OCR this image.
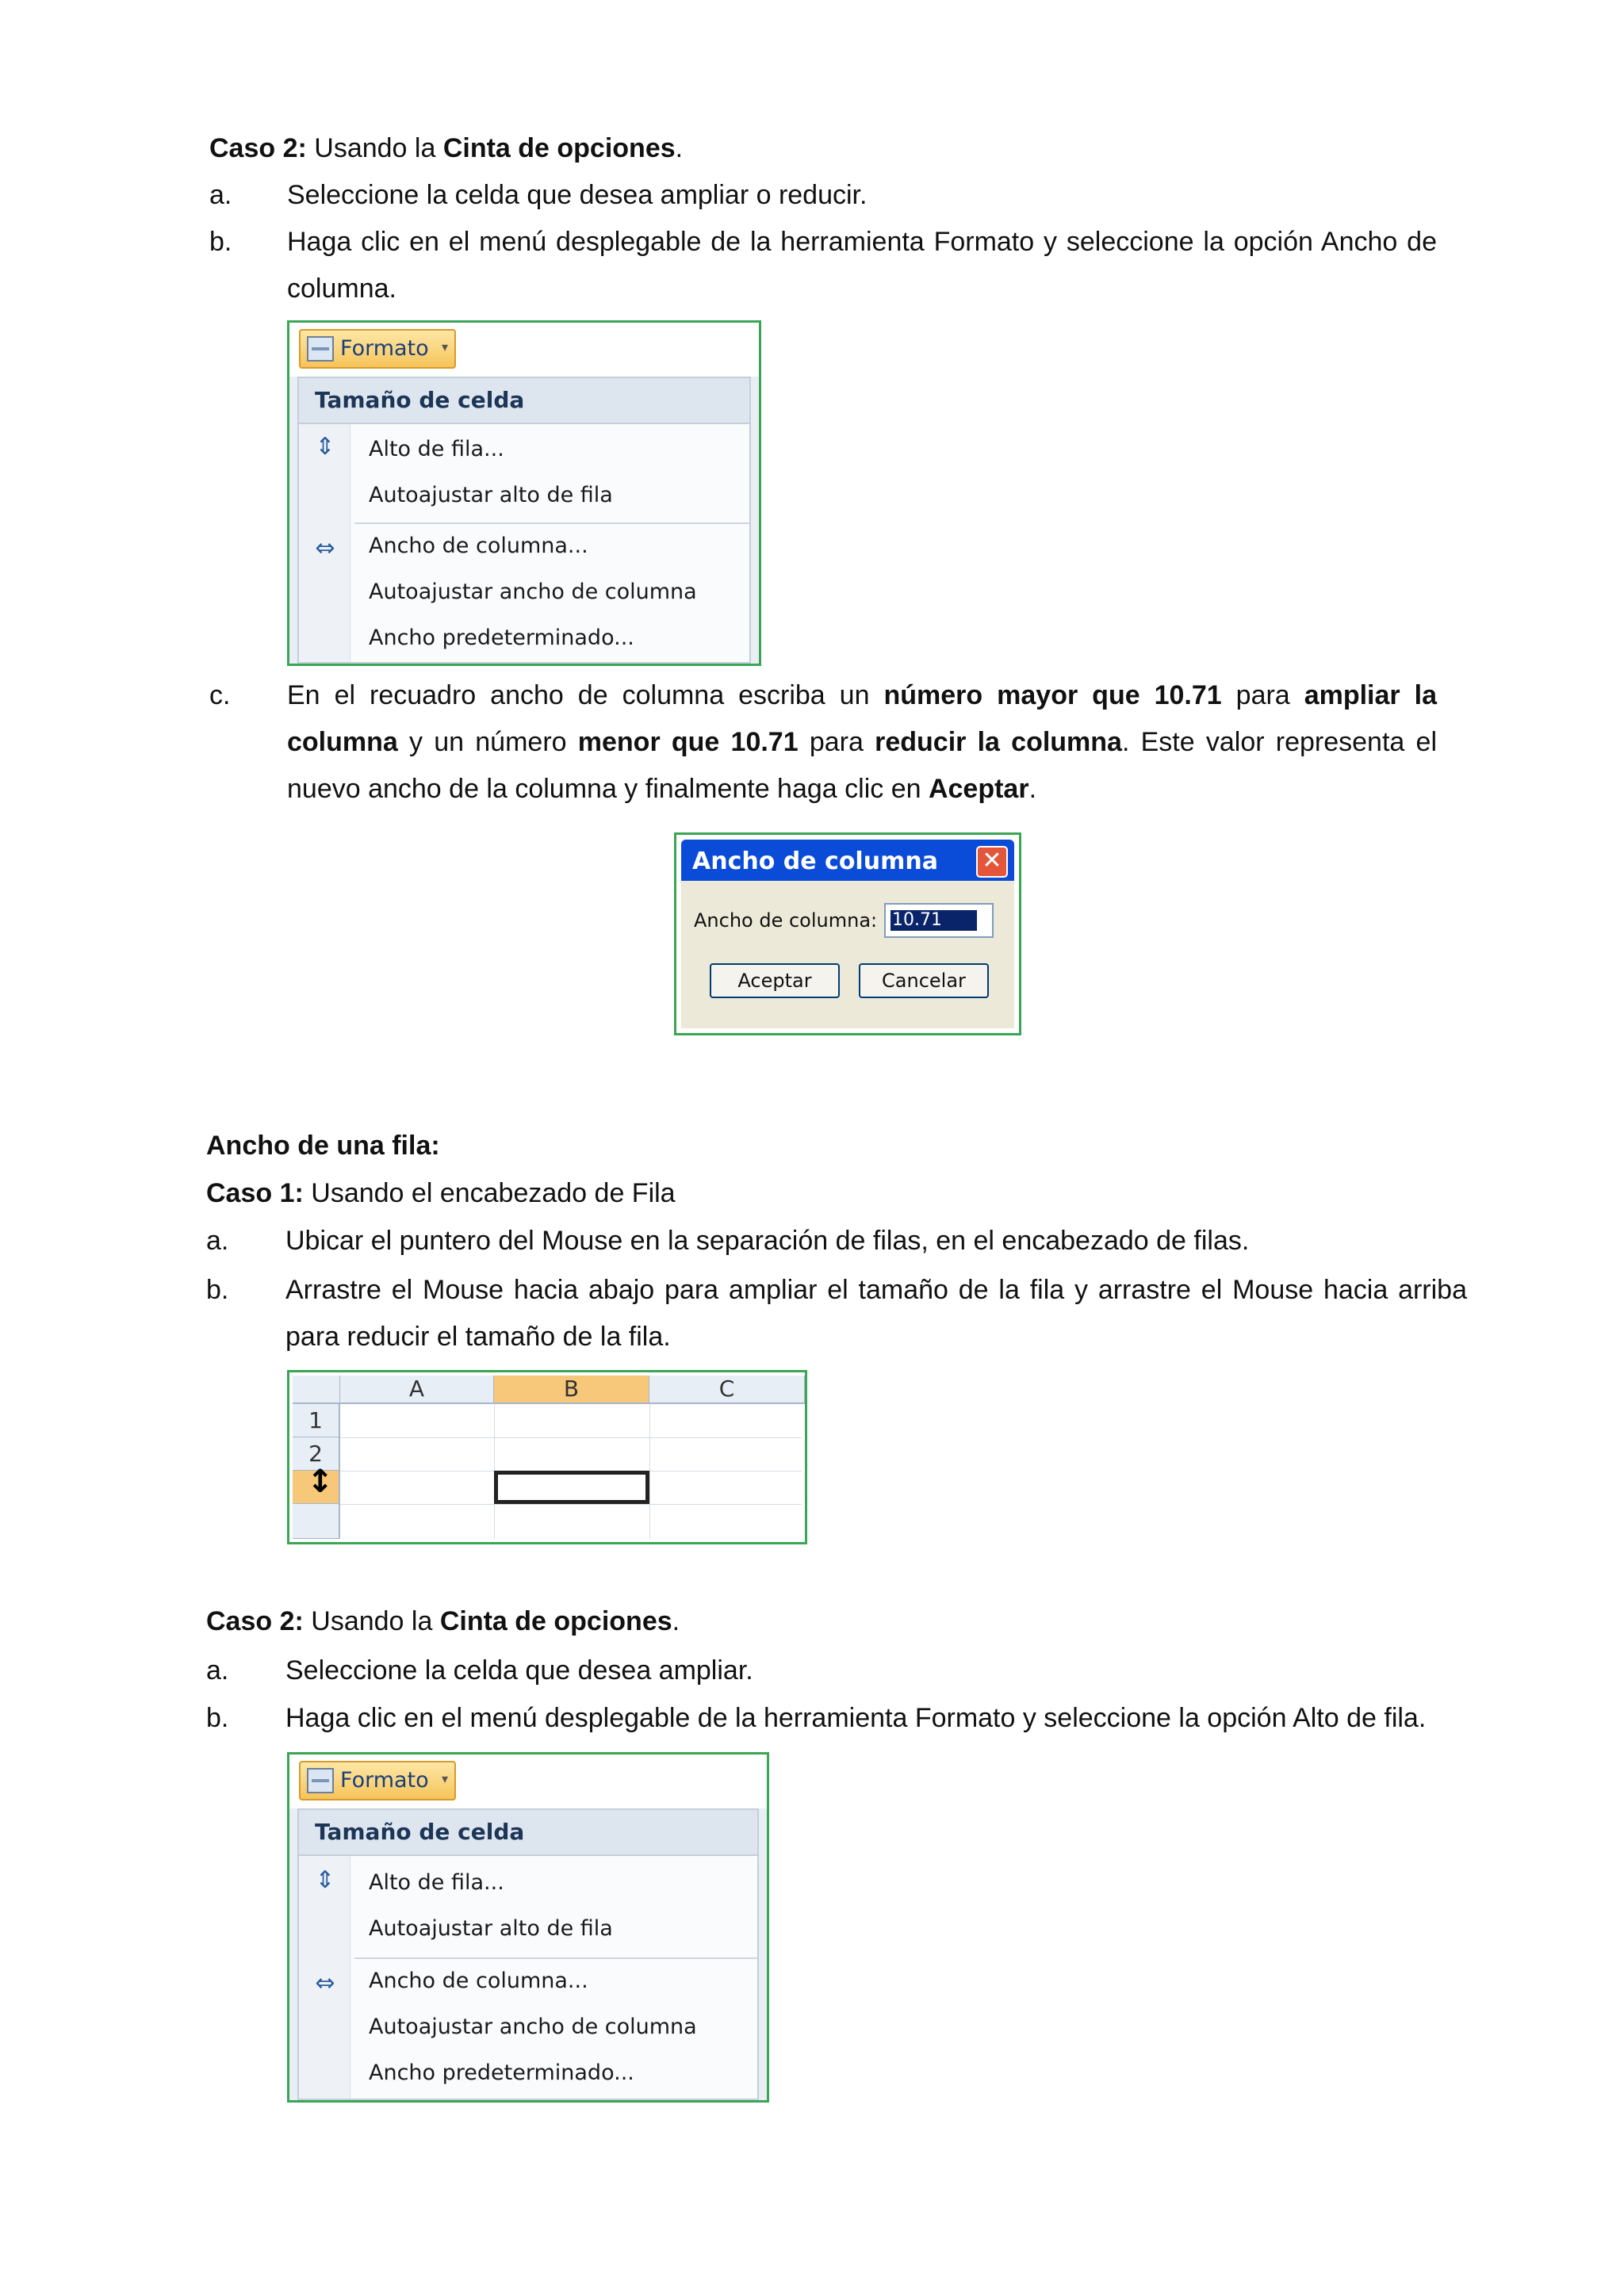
Caso 2: Usando la Cinta de opciones.

a. Seleccione la celda que desea ampliar o reducir.
b. Haga clic en el menú desplegable de la herramienta Formato y seleccione la opción Ancho de columna.
Formato ▾
Tamaño de celda
⇕ Alto de fila...
Autoajustar alto de fila
⇔ Ancho de columna...
Autoajustar ancho de columna
Ancho predeterminado...
c. En el recuadro ancho de columna escriba un número mayor que 10.71 para ampliar la columna y un número menor que 10.71 para reducir la columna. Este valor representa el nuevo ancho de la columna y finalmente haga clic en Aceptar.
Ancho de columna ✕
Ancho de columna: 10.71
Aceptar	Cancelar

Ancho de una fila:

Caso 1: Usando el encabezado de Fila

a. Ubicar el puntero del Mouse en la separación de filas, en el encabezado de filas.
b. Arrastre el Mouse hacia abajo para ampliar el tamaño de la fila y arrastre el Mouse hacia arriba para reducir el tamaño de la fila.
A	B	C
1
2
↕

Caso 2: Usando la Cinta de opciones.

a. Seleccione la celda que desea ampliar.
b. Haga clic en el menú desplegable de la herramienta Formato y seleccione la opción Alto de fila.
Formato ▾
Tamaño de celda
⇕ Alto de fila...
Autoajustar alto de fila
⇔ Ancho de columna...
Autoajustar ancho de columna
Ancho predeterminado...
